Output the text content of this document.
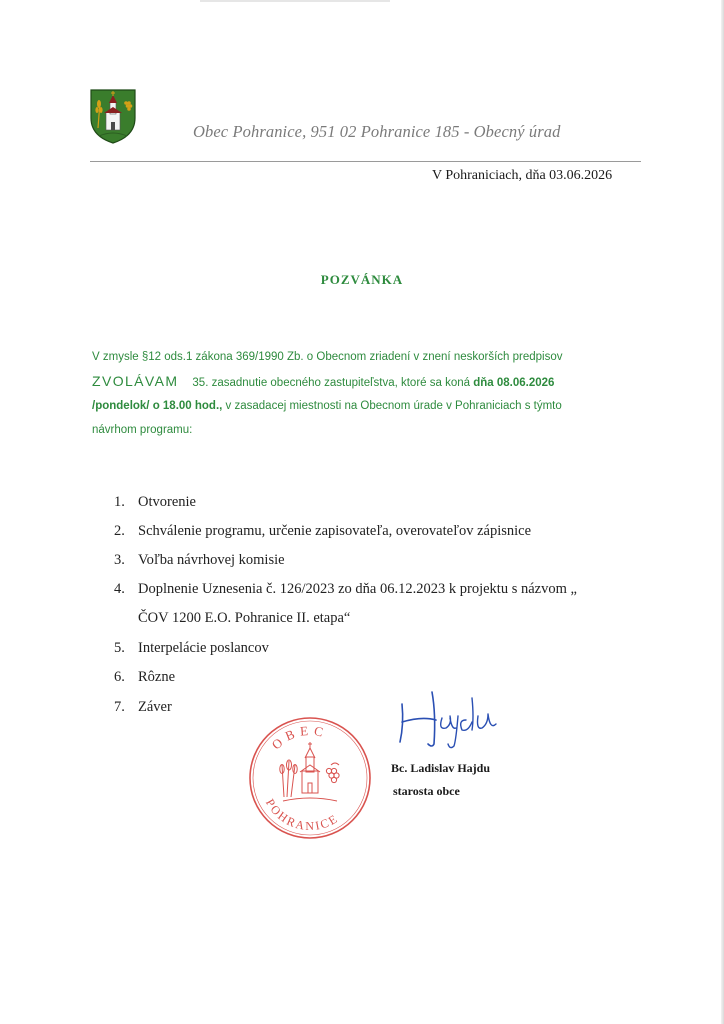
Obec Pohranice, 951 02 Pohranice 185 - Obecný úrad
V Pohraniciach, dňa 03.06.2026
POZVÁNKA
V zmysle §12 ods.1 zákona 369/1990 Zb. o Obecnom zriadení v znení neskorších predpisov
ZVOLÁVAM 35. zasadnutie obecného zastupiteľstva, ktoré sa koná dňa 08.06.2026
/pondelok/ o 18.00 hod., v zasadacej miestnosti na Obecnom úrade v Pohraniciach s týmto
návrhom programu:
1. Otvorenie
2. Schválenie programu, určenie zapisovateľa, overovateľov zápisnice
3. Voľba návrhovej komisie
4. Doplnenie Uznesenia č. 126/2023 zo dňa 06.12.2023 k projektu s názvom „
ČOV 1200 E.O. Pohranice II. etapa“
5. Interpelácie poslancov
6. Rôzne
7. Záver
OBEC
POHRANICE
Bc. Ladislav Hajdu
starosta obce
